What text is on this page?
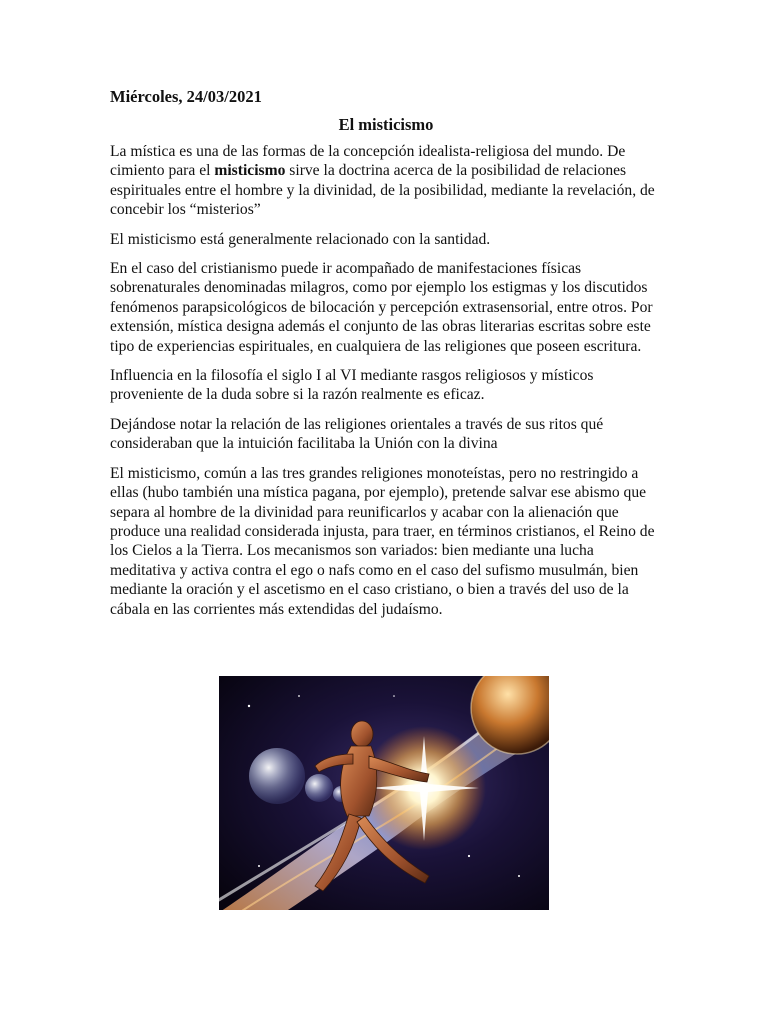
Miércoles, 24/03/2021
El misticismo

La mística es una de las formas de la concepción idealista-religiosa del mundo. De cimiento para el misticismo sirve la doctrina acerca de la posibilidad de relaciones espirituales entre el hombre y la divinidad, de la posibilidad, mediante la revelación, de concebir los “misterios”

El misticismo está generalmente relacionado con la santidad.

En el caso del cristianismo puede ir acompañado de manifestaciones físicas sobrenaturales denominadas milagros, como por ejemplo los estigmas y los discutidos fenómenos parapsicológicos de bilocación y percepción extrasensorial, entre otros. Por extensión, mística designa además el conjunto de las obras literarias escritas sobre este tipo de experiencias espirituales, en cualquiera de las religiones que poseen escritura.

Influencia en la filosofía el siglo I al VI mediante rasgos religiosos y místicos proveniente de la duda sobre si la razón realmente es eficaz.

Dejándose notar la relación de las religiones orientales a través de sus ritos qué consideraban que la intuición facilitaba la Unión con la divina

El misticismo, común a las tres grandes religiones monoteístas, pero no restringido a ellas (hubo también una mística pagana, por ejemplo), pretende salvar ese abismo que separa al hombre de la divinidad para reunificarlos y acabar con la alienación que produce una realidad considerada injusta, para traer, en términos cristianos, el Reino de los Cielos a la Tierra. Los mecanismos son variados: bien mediante una lucha meditativa y activa contra el ego o nafs como en el caso del sufismo musulmán, bien mediante la oración y el ascetismo en el caso cristiano, o bien a través del uso de la cábala en las corrientes más extendidas del judaísmo.
